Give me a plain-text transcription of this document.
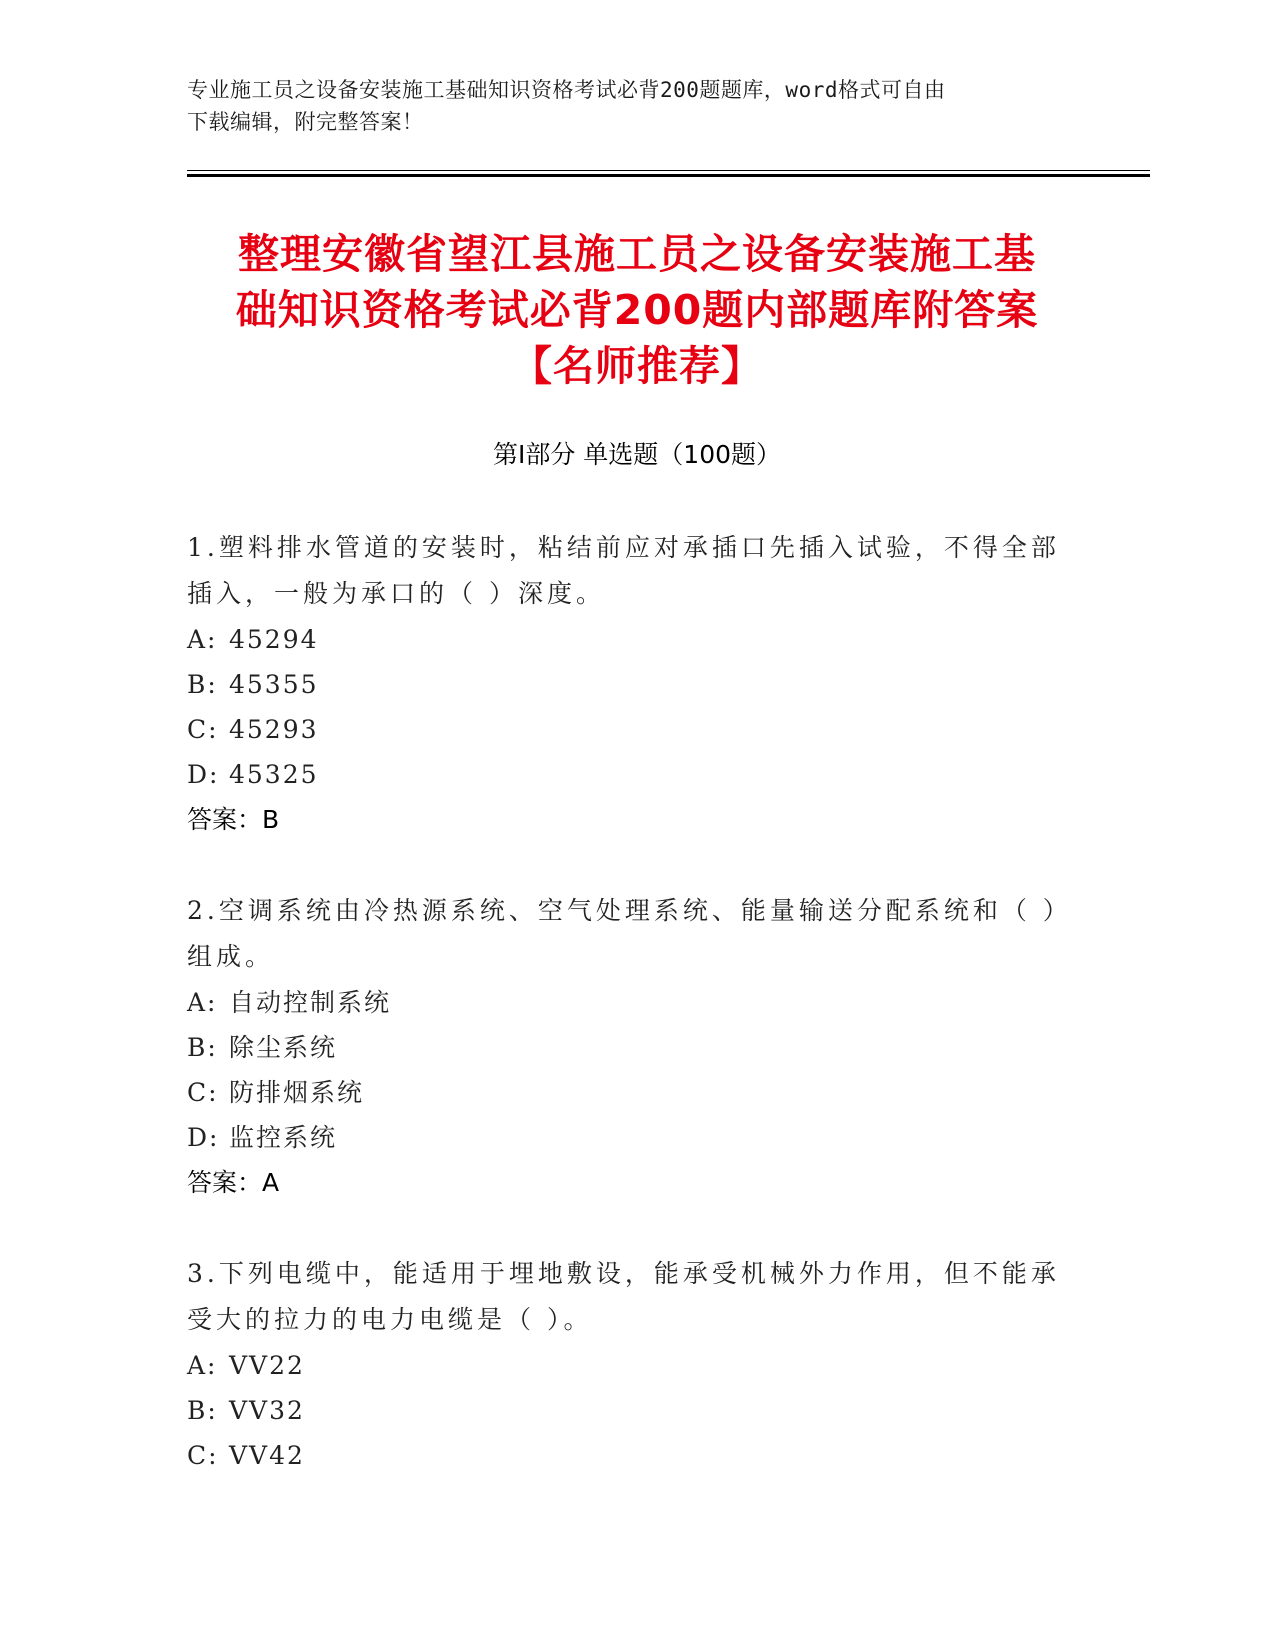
专业施工员之设备安装施工基础知识资格考试必背200题题库，word格式可自由
下载编辑，附完整答案！
整理安徽省望江县施工员之设备安装施工基
础知识资格考试必背200题内部题库附答案
【名师推荐】
第I部分 单选题（100题）

1.塑料排水管道的安装时，粘结前应对承插口先插入试验，不得全部

插入，一般为承口的（ ）深度。

A: 45294

B: 45355

C: 45293

D: 45325

答案：B

2.空调系统由冷热源系统、空气处理系统、能量输送分配系统和（ ）

组成。

A: 自动控制系统

B: 除尘系统

C: 防排烟系统

D: 监控系统

答案：A

3.下列电缆中，能适用于埋地敷设，能承受机械外力作用，但不能承

受大的拉力的电力电缆是（ ）。

A: VV22

B: VV32

C: VV42
